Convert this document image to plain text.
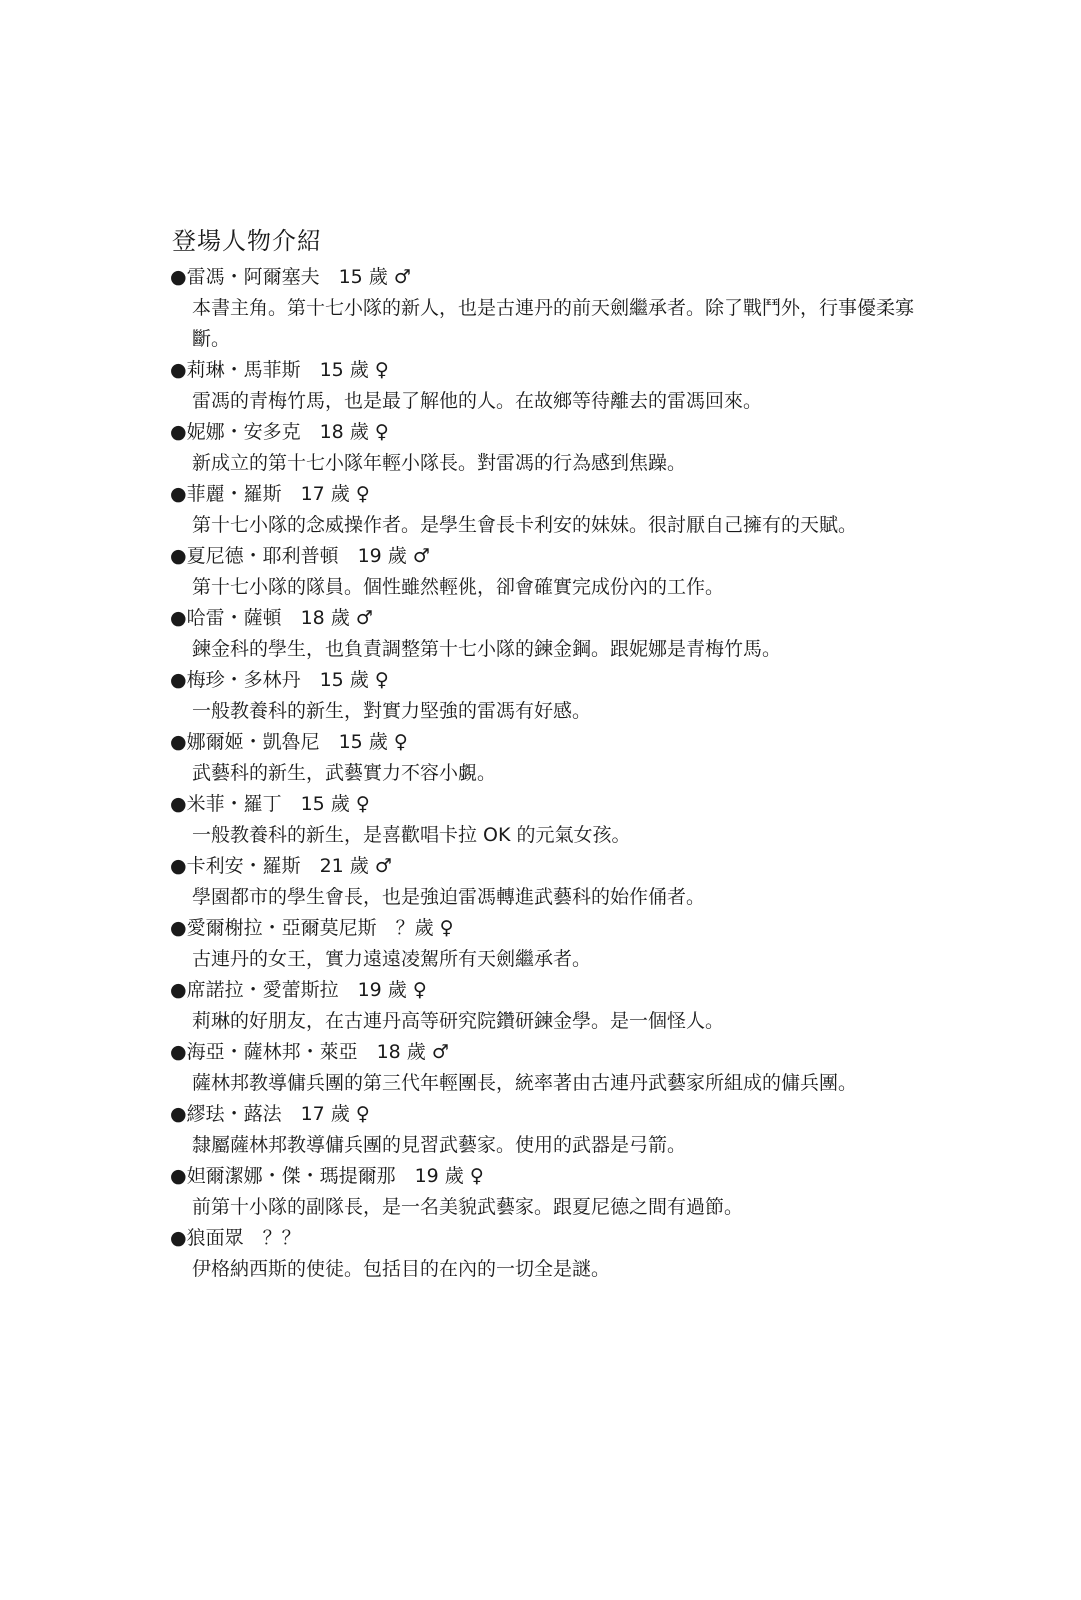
登場人物介紹
●雷馮・阿爾塞夫　15 歲 ♂
本書主角。第十七小隊的新人，也是古連丹的前天劍繼承者。除了戰鬥外，行事優柔寡斷。
●莉琳・馬菲斯　15 歲 ♀
雷馮的青梅竹馬，也是最了解他的人。在故鄉等待離去的雷馮回來。
●妮娜・安多克　18 歲 ♀
新成立的第十七小隊年輕小隊長。對雷馮的行為感到焦躁。
●菲麗・羅斯　17 歲 ♀
第十七小隊的念威操作者。是學生會長卡利安的妹妹。很討厭自己擁有的天賦。
●夏尼德・耶利普頓　19 歲 ♂
第十七小隊的隊員。個性雖然輕佻，卻會確實完成份內的工作。
●哈雷・薩頓　18 歲 ♂
鍊金科的學生，也負責調整第十七小隊的鍊金鋼。跟妮娜是青梅竹馬。
●梅珍・多林丹　15 歲 ♀
一般教養科的新生，對實力堅強的雷馮有好感。
●娜爾姬・凱魯尼　15 歲 ♀
武藝科的新生，武藝實力不容小覷。
●米菲・羅丁　15 歲 ♀
一般教養科的新生，是喜歡唱卡拉 OK 的元氣女孩。
●卡利安・羅斯　21 歲 ♂
學園都市的學生會長，也是強迫雷馮轉進武藝科的始作俑者。
●愛爾榭拉・亞爾莫尼斯　？歲 ♀
古連丹的女王，實力遠遠凌駕所有天劍繼承者。
●席諾拉・愛蕾斯拉　19 歲 ♀
莉琳的好朋友，在古連丹高等研究院鑽研鍊金學。是一個怪人。
●海亞・薩林邦・萊亞　18 歲 ♂
薩林邦教導傭兵團的第三代年輕團長，統率著由古連丹武藝家所組成的傭兵團。
●繆珐・蕗法　17 歲 ♀
隸屬薩林邦教導傭兵團的見習武藝家。使用的武器是弓箭。
●妲爾潔娜・傑・瑪提爾那　19 歲 ♀
前第十小隊的副隊長，是一名美貌武藝家。跟夏尼德之間有過節。
●狼面眾　？？
伊格納西斯的使徒。包括目的在內的一切全是謎。
